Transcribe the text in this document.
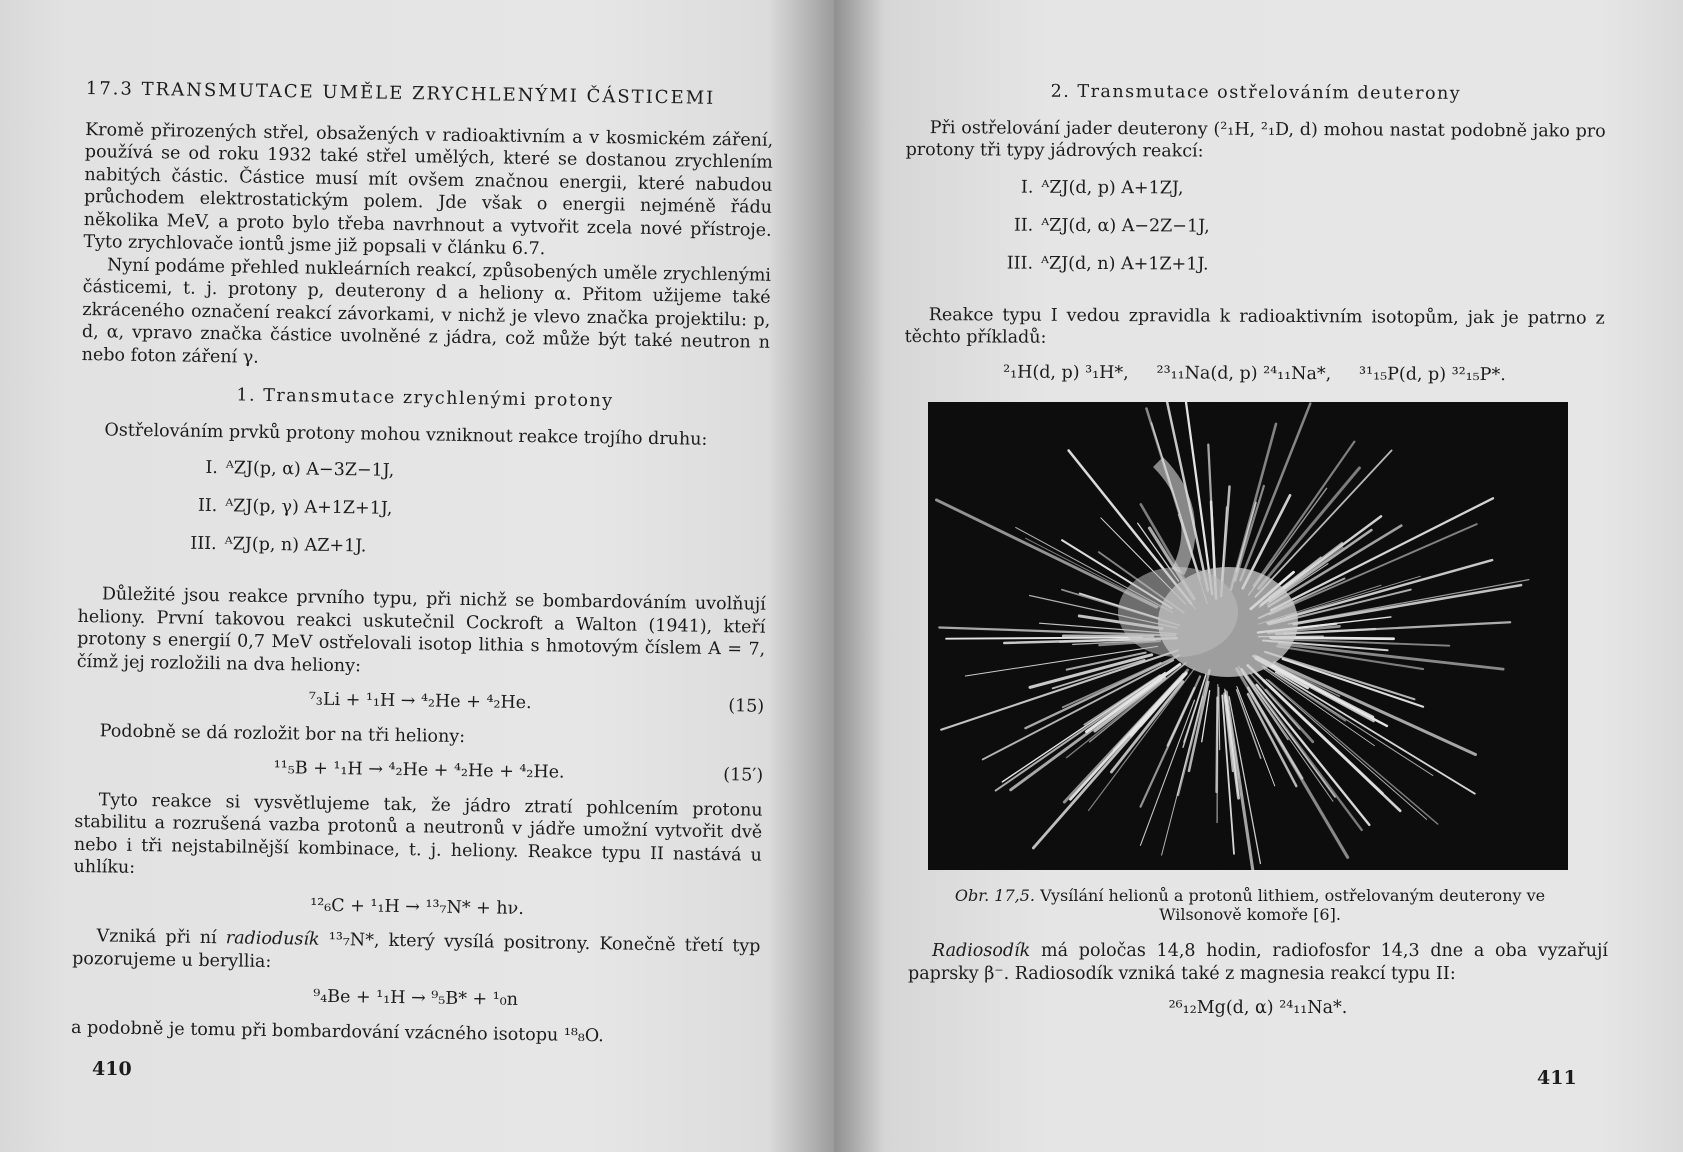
17.3 TRANSMUTACE UMĚLE ZRYCHLENÝMI ČÁSTICEMI

Kromě přirozených střel, obsažených v radioaktivním a v kosmickém záření, používá se od roku 1932 také střel umělých, které se dostanou zrychlením nabitých částic. Částice musí mít ovšem značnou energii, které nabudou průchodem elektrostatickým polem. Jde však o energii nejméně řádu několika MeV, a proto bylo třeba navrhnout a vytvořit zcela nové přístroje. Tyto zrychlovače iontů jsme již popsali v článku 6.7.

Nyní podáme přehled nukleárních reakcí, způsobených uměle zrychlenými částicemi, t. j. protony p, deuterony d a heliony α. Přitom užijeme také zkráceného označení reakcí závorkami, v nichž je vlevo značka projektilu: p, d, α, vpravo značka částice uvolněné z jádra, což může být také neutron n nebo foton záření γ.

1. Transmutace zrychlenými protony

Ostřelováním prvků protony mohou vzniknout reakce trojího druhu:

I. ᴬZJ(p, α) A−3Z−1J,
II. ᴬZJ(p, γ) A+1Z+1J,
III. ᴬZJ(p, n) AZ+1J.

Důležité jsou reakce prvního typu, při nichž se bombardováním uvolňují heliony. První takovou reakci uskutečnil Cockroft a Walton (1941), kteří protony s energií 0,7 MeV ostřelovali isotop lithia s hmotovým číslem A = 7, čímž jej rozložili na dva heliony:

⁷₃Li + ¹₁H → ⁴₂He + ⁴₂He.	(15)

Podobně se dá rozložit bor na tři heliony:

¹¹₅B + ¹₁H → ⁴₂He + ⁴₂He + ⁴₂He.	(15′)

Tyto reakce si vysvětlujeme tak, že jádro ztratí pohlcením protonu stabilitu a rozrušená vazba protonů a neutronů v jádře umožní vytvořit dvě nebo i tři nejstabilnější kombinace, t. j. heliony. Reakce typu II nastává u uhlíku:

¹²₆C + ¹₁H → ¹³₇N* + hν.

Vzniká při ní radiodusík ¹³₇N*, který vysílá positrony. Konečně třetí typ pozorujeme u beryllia:

⁹₄Be + ¹₁H → ⁹₅B* + ¹₀n

a podobně je tomu při bombardování vzácného isotopu ¹⁸₈O.

410
2. Transmutace ostřelováním deuterony

Při ostřelování jader deuterony (²₁H, ²₁D, d) mohou nastat podobně jako pro protony tři typy jádrových reakcí:

I. ᴬZJ(d, p) A+1ZJ,
II. ᴬZJ(d, α) A−2Z−1J,
III. ᴬZJ(d, n) A+1Z+1J.

Reakce typu I vedou zpravidla k radioaktivním isotopům, jak je patrno z těchto příkladů:

²₁H(d, p) ³₁H*,     ²³₁₁Na(d, p) ²⁴₁₁Na*,     ³¹₁₅P(d, p) ³²₁₅P*.

Radiosodík má poločas 14,8 hodin, radiofosfor 14,3 dne a oba vyzařují paprsky β⁻. Radiosodík vzniká také z magnesia reakcí typu II:

²⁶₁₂Mg(d, α) ²⁴₁₁Na*.
411
Obr. 17,5. Vysílání helionů a protonů lithiem, ostřelovaným deuterony ve Wilsonově komoře [6].
